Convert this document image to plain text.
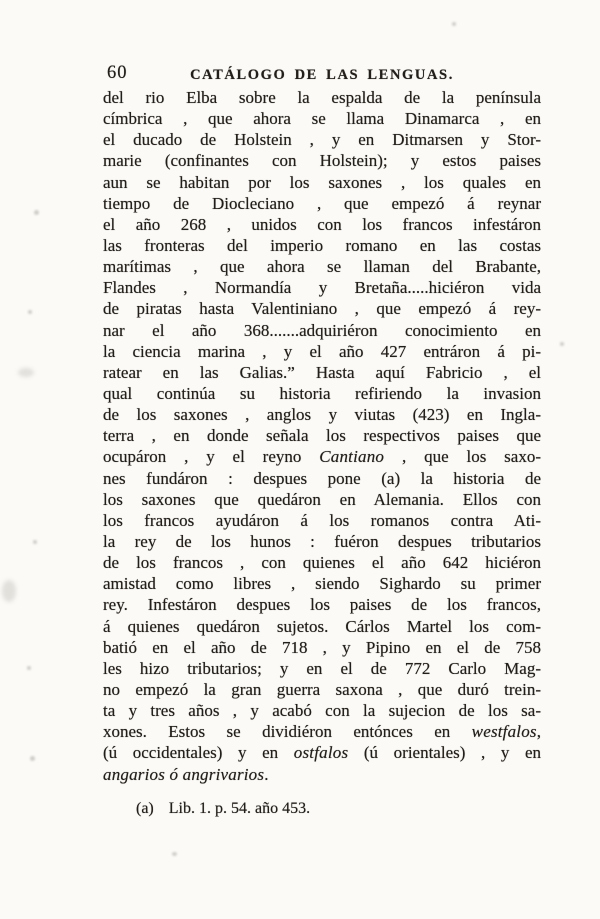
60	CATÁLOGO DE LAS LENGUAS.
del rio Elba sobre la espalda de la península
címbrica , que ahora se llama Dinamarca , en
el ducado de Holstein , y en Ditmarsen y Stor-
marie (confinantes con Holstein); y estos paises
aun se habitan por los saxones , los quales en
tiempo de Diocleciano , que empezó á reynar
el año 268 , unidos con los francos infestáron
las fronteras del imperio romano en las costas
marítimas , que ahora se llaman del Brabante,
Flandes , Normandía y Bretaña.....hiciéron vida
de piratas hasta Valentiniano , que empezó á rey-
nar el año 368.......adquiriéron conocimiento en
la ciencia marina , y el año 427 entráron á pi-
ratear en las Galias.” Hasta aquí Fabricio , el
qual continúa su historia refiriendo la invasion
de los saxones , anglos y viutas (423) en Ingla-
terra , en donde señala los respectivos paises que
ocupáron , y el reyno Cantiano , que los saxo-
nes fundáron : despues pone (a) la historia de
los saxones que quedáron en Alemania. Ellos con
los francos ayudáron á los romanos contra Ati-
la rey de los hunos : fuéron despues tributarios
de los francos , con quienes el año 642 hiciéron
amistad como libres , siendo Sighardo su primer
rey. Infestáron despues los paises de los francos,
á quienes quedáron sujetos. Cárlos Martel los com-
batió en el año de 718 , y Pipino en el de 758
les hizo tributarios; y en el de 772 Carlo Mag-
no empezó la gran guerra saxona , que duró trein-
ta y tres años , y acabó con la sujecion de los sa-
xones. Estos se dividiéron entónces en westfalos,
(ú occidentales) y en ostfalos (ú orientales) , y en
angarios ó angrivarios.
(a) Lib. 1. p. 54. año 453.
